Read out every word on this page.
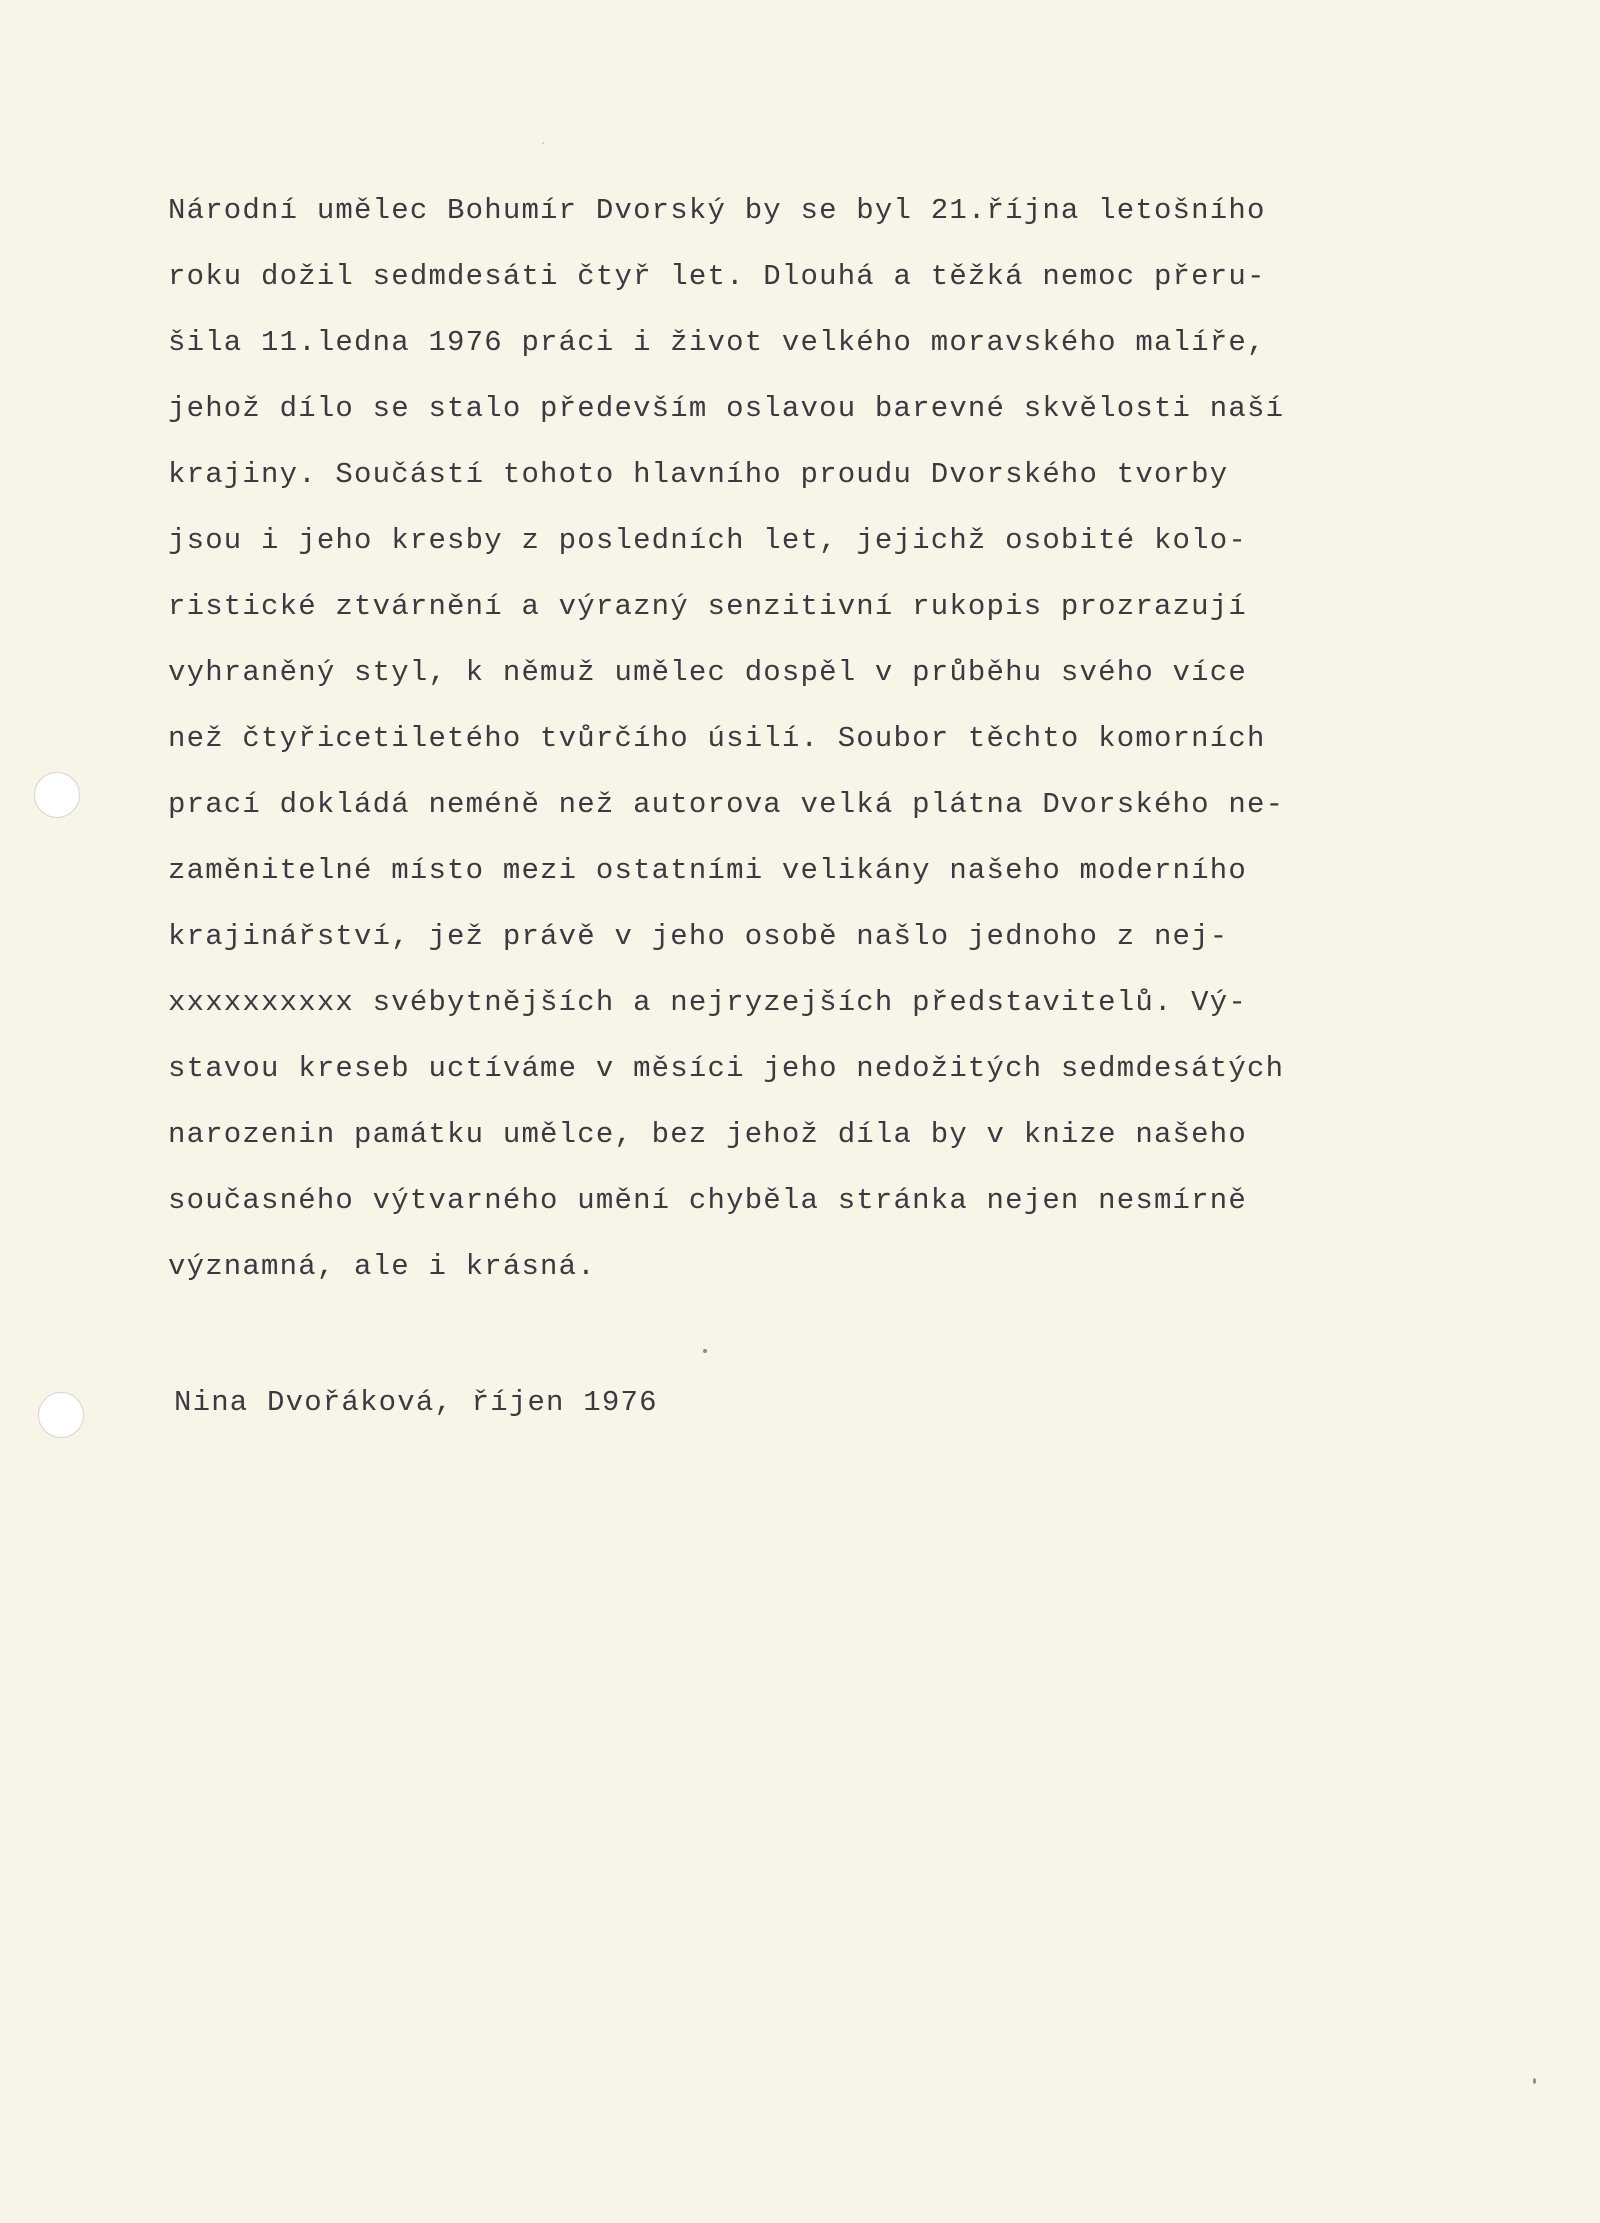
Národní umělec Bohumír Dvorský by se byl 21.října letošního
roku dožil sedmdesáti čtyř let. Dlouhá a těžká nemoc přeru-
šila 11.ledna 1976 práci i život velkého moravského malíře,
jehož dílo se stalo především oslavou barevné skvělosti naší
krajiny. Součástí tohoto hlavního proudu Dvorského tvorby
jsou i jeho kresby z posledních let, jejichž osobité kolo-
ristické ztvárnění a výrazný senzitivní rukopis prozrazují
vyhraněný styl, k němuž umělec dospěl v průběhu svého více
než čtyřicetiletého tvůrčího úsilí. Soubor těchto komorních
prací dokládá neméně než autorova velká plátna Dvorského ne-
zaměnitelné místo mezi ostatními velikány našeho moderního
krajinářství, jež právě v jeho osobě našlo jednoho z nej-
xxxxxxxxxx svébytnějších a nejryzejších představitelů. Vý-
stavou kreseb uctíváme v měsíci jeho nedožitých sedmdesátých
narozenin památku umělce, bez jehož díla by v knize našeho
současného výtvarného umění chyběla stránka nejen nesmírně
významná, ale i krásná.
Nina Dvořáková, říjen 1976
